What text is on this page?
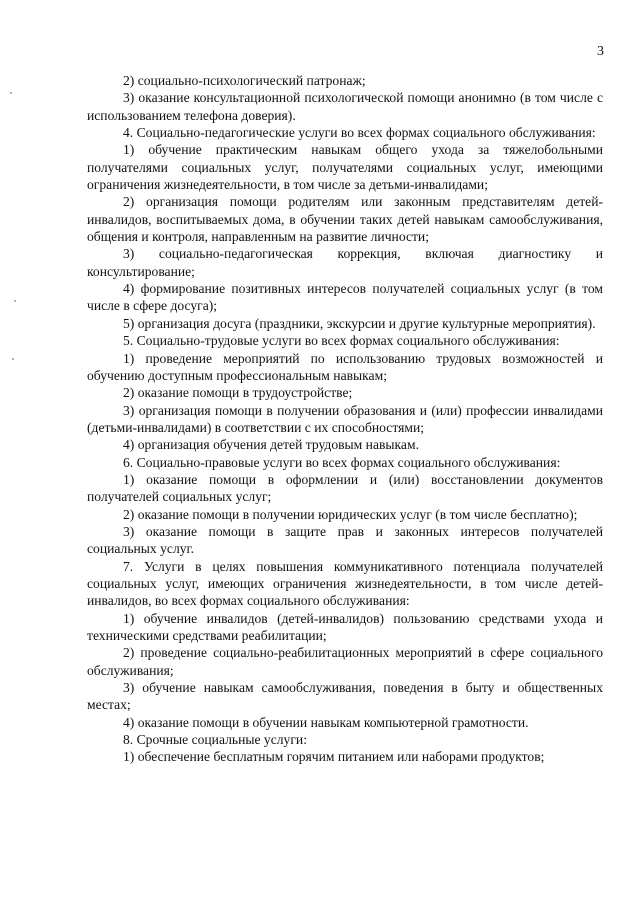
3

2) социально-психологический патронаж;

3) оказание консультационной психологической помощи анонимно (в том числе с использованием телефона доверия).

4. Социально-педагогические услуги во всех формах социального обслуживания:

1) обучение практическим навыкам общего ухода за тяжелобольными получателями социальных услуг, получателями социальных услуг, имеющими ограничения жизнедеятельности, в том числе за детьми-инвалидами;

2) организация помощи родителям или законным представителям детей-инвалидов, воспитываемых дома, в обучении таких детей навыкам самообслуживания, общения и контроля, направленным на развитие личности;

3) социально-педагогическая коррекция, включая диагностику и консультирование;

4) формирование позитивных интересов получателей социальных услуг (в том числе в сфере досуга);

5) организация досуга (праздники, экскурсии и другие культурные мероприятия).

5. Социально-трудовые услуги во всех формах социального обслуживания:

1) проведение мероприятий по использованию трудовых возможностей и обучению доступным профессиональным навыкам;

2) оказание помощи в трудоустройстве;

3) организация помощи в получении образования и (или) профессии инвалидами (детьми-инвалидами) в соответствии с их способностями;

4) организация обучения детей трудовым навыкам.

6. Социально-правовые услуги во всех формах социального обслуживания:

1) оказание помощи в оформлении и (или) восстановлении документов получателей социальных услуг;

2) оказание помощи в получении юридических услуг (в том числе бесплатно);

3) оказание помощи в защите прав и законных интересов получателей социальных услуг.

7. Услуги в целях повышения коммуникативного потенциала получателей социальных услуг, имеющих ограничения жизнедеятельности, в том числе детей-инвалидов, во всех формах социального обслуживания:

1) обучение инвалидов (детей-инвалидов) пользованию средствами ухода и техническими средствами реабилитации;

2) проведение социально-реабилитационных мероприятий в сфере социального обслуживания;

3) обучение навыкам самообслуживания, поведения в быту и общественных местах;

4) оказание помощи в обучении навыкам компьютерной грамотности.

8. Срочные социальные услуги:

1) обеспечение бесплатным горячим питанием или наборами продуктов;
